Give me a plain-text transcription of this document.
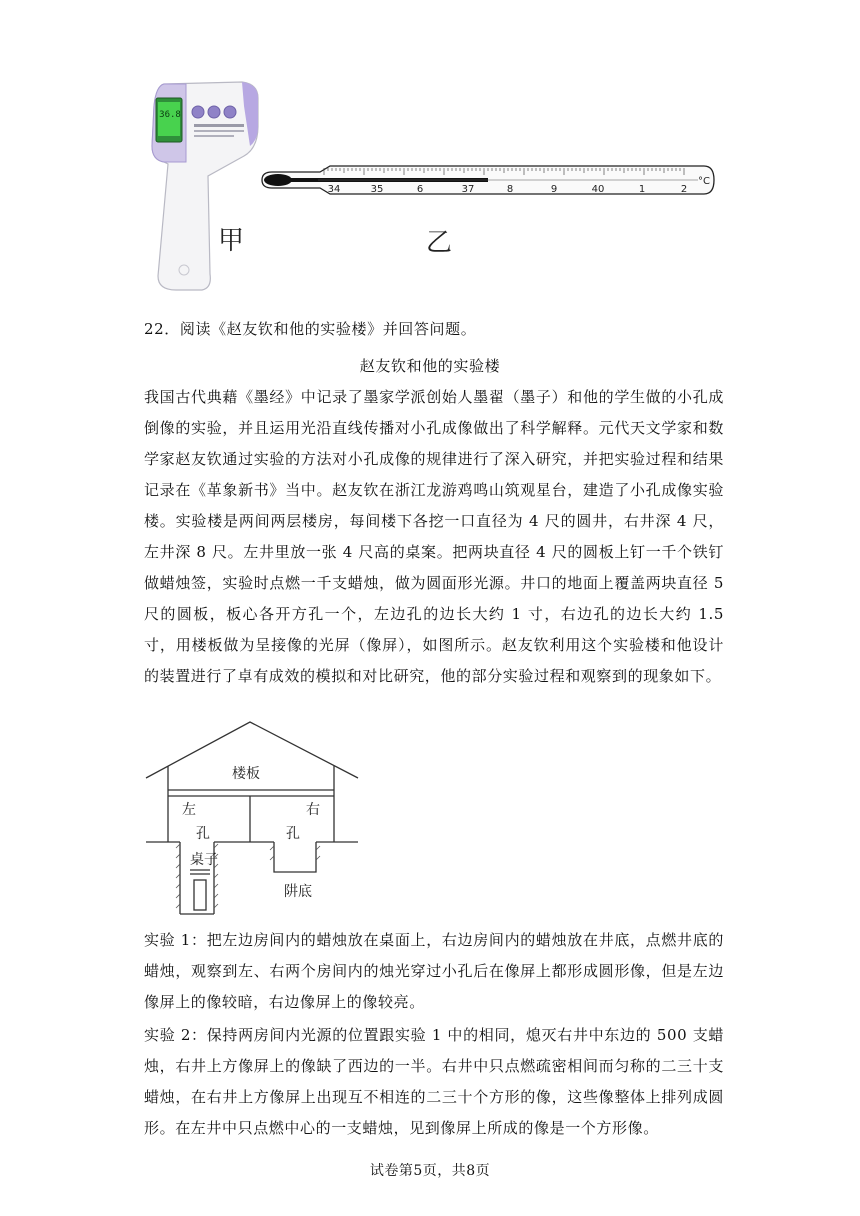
36.8
34	35	6	37	8	9	40	1	2
°C
甲	乙
22．阅读《赵友钦和他的实验楼》并回答问题。
赵友钦和他的实验楼
我国古代典藉《墨经》中记录了墨家学派创始人墨翟（墨子）和他的学生做的小孔成倒像的实验，并且运用光沿直线传播对小孔成像做出了科学解释。元代天文学家和数学家赵友钦通过实验的方法对小孔成像的规律进行了深入研究，并把实验过程和结果记录在《革象新书》当中。赵友钦在浙江龙游鸡鸣山筑观星台，建造了小孔成像实验楼。实验楼是两间两层楼房，每间楼下各挖一口直径为 4 尺的圆井，右井深 4 尺，左井深 8 尺。左井里放一张 4 尺高的桌案。把两块直径 4 尺的圆板上钉一千个铁钉做蜡烛签，实验时点燃一千支蜡烛，做为圆面形光源。井口的地面上覆盖两块直径 5 尺的圆板，板心各开方孔一个，左边孔的边长大约 1 寸，右边孔的边长大约 1.5 寸，用楼板做为呈接像的光屏（像屏），如图所示。赵友钦利用这个实验楼和他设计的装置进行了卓有成效的模拟和对比研究，他的部分实验过程和观察到的现象如下。
楼板
左	右
孔	孔
桌子
阱底
实验 1：把左边房间内的蜡烛放在桌面上，右边房间内的蜡烛放在井底，点燃井底的蜡烛，观察到左、右两个房间内的烛光穿过小孔后在像屏上都形成圆形像，但是左边像屏上的像较暗，右边像屏上的像较亮。
实验 2：保持两房间内光源的位置跟实验 1 中的相同，熄灭右井中东边的 500 支蜡烛，右井上方像屏上的像缺了西边的一半。右井中只点燃疏密相间而匀称的二三十支蜡烛，在右井上方像屏上出现互不相连的二三十个方形的像，这些像整体上排列成圆形。在左井中只点燃中心的一支蜡烛，见到像屏上所成的像是一个方形像。
试卷第5页，共8页
